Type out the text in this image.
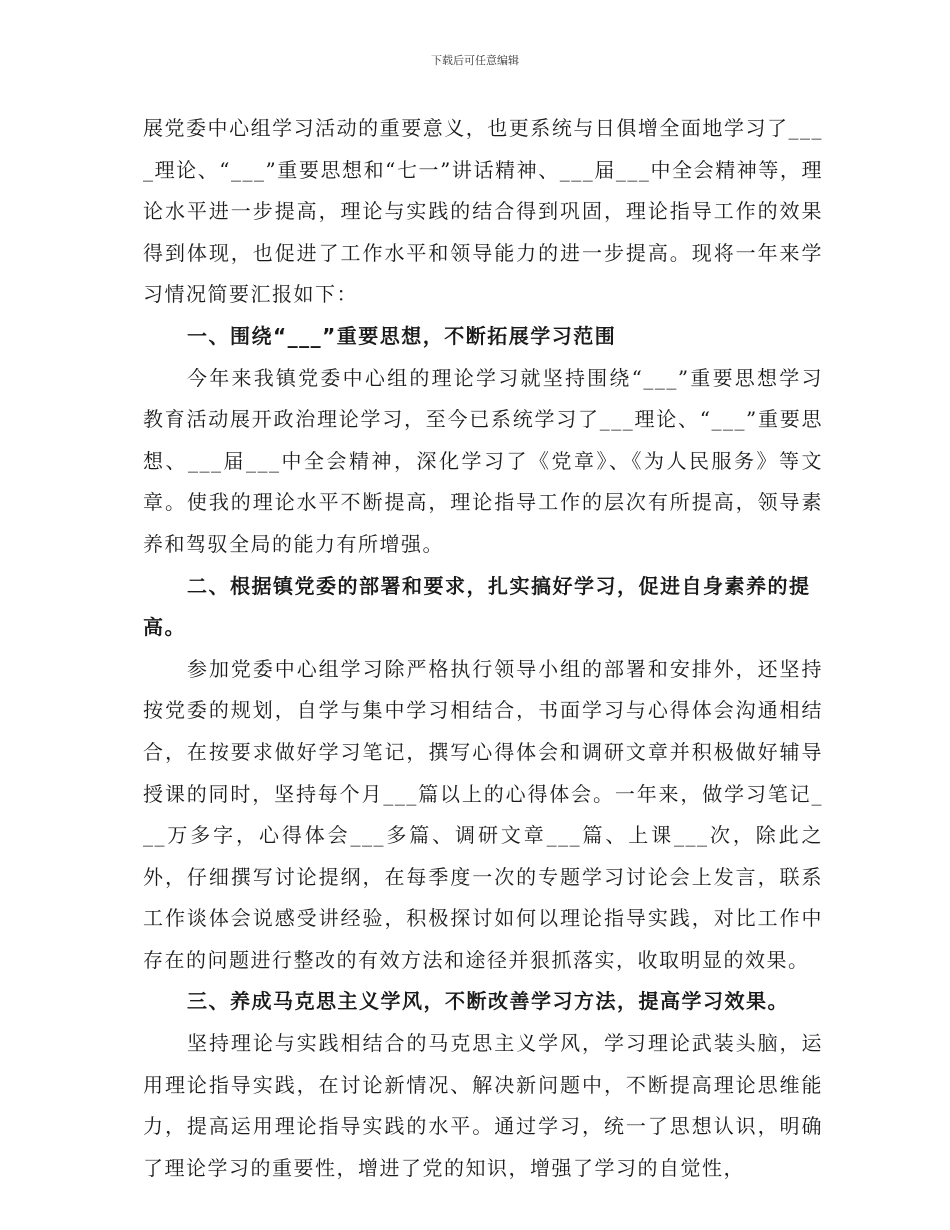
下载后可任意编辑

展党委中心组学习活动的重要意义，也更系统与日俱增全面地学习了____理论、“___”重要思想和“七一”讲话精神、___届___中全会精神等，理论水平进一步提高，理论与实践的结合得到巩固，理论指导工作的效果得到体现，也促进了工作水平和领导能力的进一步提高。现将一年来学习情况简要汇报如下：

一、围绕“___”重要思想，不断拓展学习范围

今年来我镇党委中心组的理论学习就坚持围绕“___”重要思想学习教育活动展开政治理论学习，至今已系统学习了___理论、“___”重要思想、___届___中全会精神，深化学习了《党章》、《为人民服务》等文章。使我的理论水平不断提高，理论指导工作的层次有所提高，领导素养和驾驭全局的能力有所增强。

二、根据镇党委的部署和要求，扎实搞好学习，促进自身素养的提高。

参加党委中心组学习除严格执行领导小组的部署和安排外，还坚持按党委的规划，自学与集中学习相结合，书面学习与心得体会沟通相结合，在按要求做好学习笔记，撰写心得体会和调研文章并积极做好辅导授课的同时，坚持每个月___篇以上的心得体会。一年来，做学习笔记___万多字，心得体会___多篇、调研文章___篇、上课___次，除此之外，仔细撰写讨论提纲，在每季度一次的专题学习讨论会上发言，联系工作谈体会说感受讲经验，积极探讨如何以理论指导实践，对比工作中存在的问题进行整改的有效方法和途径并狠抓落实，收取明显的效果。

三、养成马克思主义学风，不断改善学习方法，提高学习效果。

坚持理论与实践相结合的马克思主义学风，学习理论武装头脑，运用理论指导实践，在讨论新情况、解决新问题中，不断提高理论思维能力，提高运用理论指导实践的水平。通过学习，统一了思想认识，明确了理论学习的重要性，增进了党的知识，增强了学习的自觉性，
